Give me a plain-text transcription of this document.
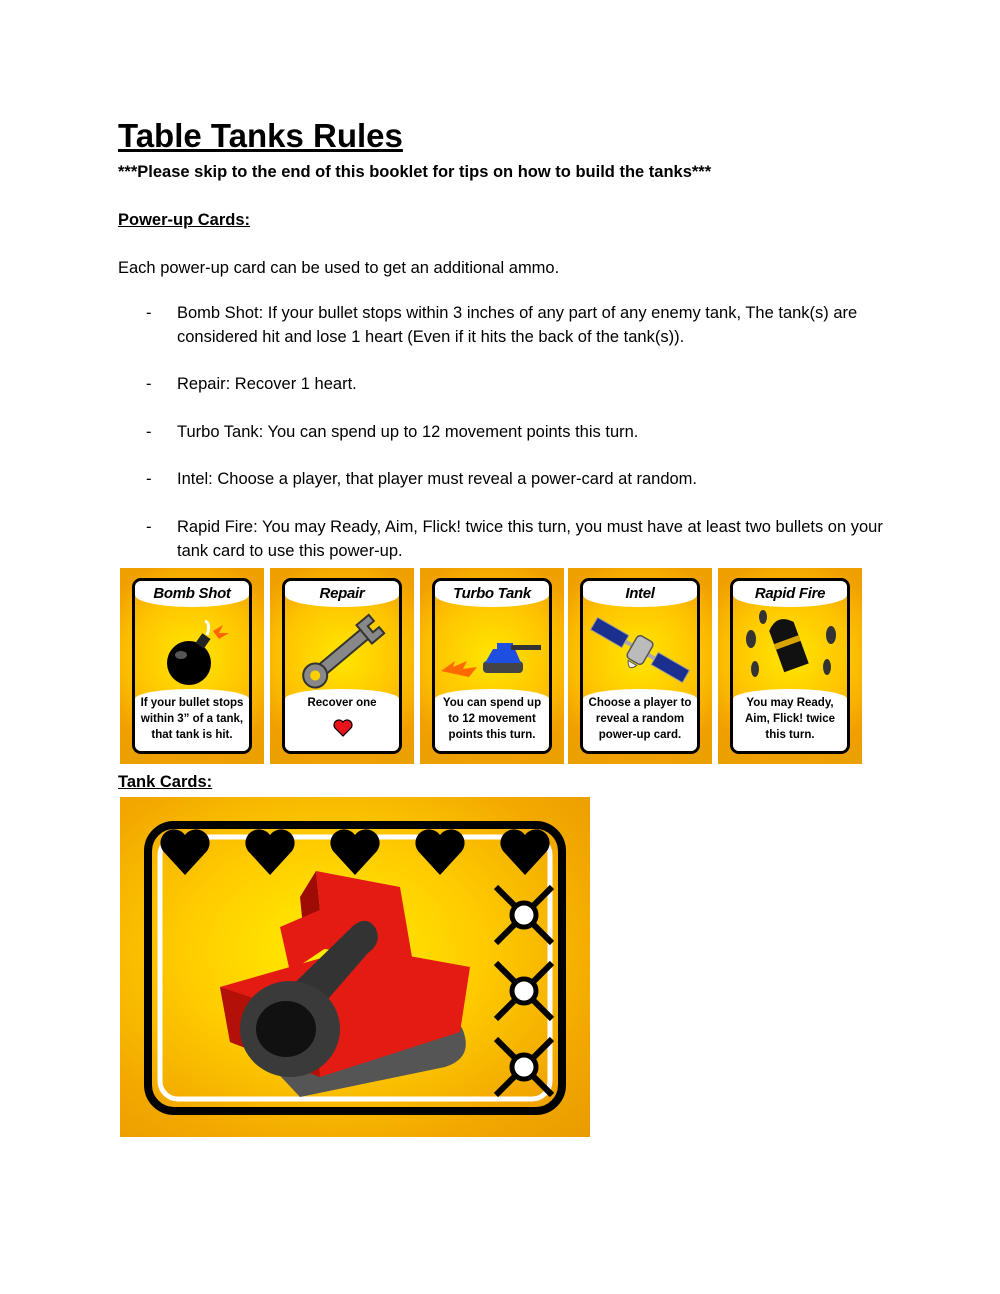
Table Tanks Rules

***Please skip to the end of this booklet for tips on how to build the tanks***

Power-up Cards:

Each power-up card can be used to get an additional ammo.

- Bomb Shot: If your bullet stops within 3 inches of any part of any enemy tank, The tank(s) are considered hit and lose 1 heart (Even if it hits the back of the tank(s)).
- Repair: Recover 1 heart.
- Turbo Tank: You can spend up to 12 movement points this turn.
- Intel: Choose a player, that player must reveal a power-card at random.
- Rapid Fire: You may Ready, Aim, Flick! twice this turn, you must have at least two bullets on your tank card to use this power-up.
Bomb Shot
If your bullet stops within 3” of a tank, that tank is hit.
Repair
Recover one
Turbo Tank
You can spend up to 12 movement points this turn.
Intel
Choose a player to reveal a random power-up card.
Rapid Fire
You may Ready, Aim, Flick! twice this turn.
Tank Cards:
